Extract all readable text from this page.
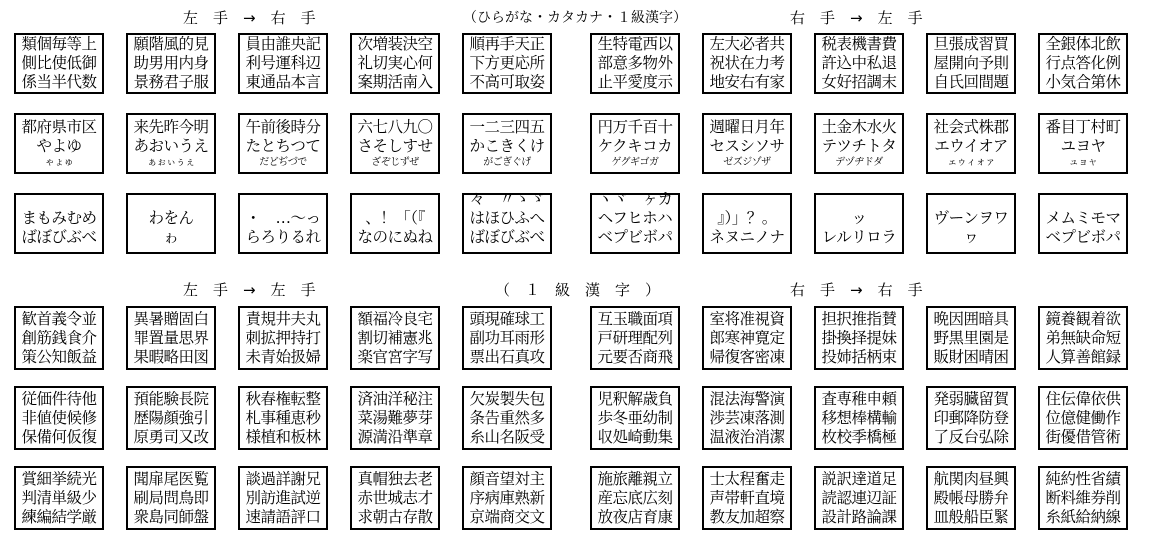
左　手　→　右　手	（ひらがな・カタカナ・１級漢字）	右　手　→　左　手
左　手　→　左　手	（　１　級　漢　字　）	右　手　→　右　手
類個毎等上
側比使低御
係当半代数
願階風的見
助男用内身
景務君子服
員由誰央記
利号運科辺
東通品本言
次増装決空
礼切実心何
案期活南入
順再手天正
下方更応所
不高可取姿
生特電西以
部意多物外
止平愛度示
左大必者共
祝状在力考
地安右有家
税表機書費
許込中私退
女好招調末
旦張成習買
屋開向予則
自氏回間題
全銀体北飲
行点答化例
小気合第休
都府県市区
やよゆ
ゃょゅ
来先昨今明
あおいうえ
ぁぉぃぅぇ
午前後時分
たとちつて
だどぢづで
六七八九〇
さそしすせ
ざぞじずぜ
一二三四五
かこきくけ
がごぎぐげ
円万千百十
ケクキコカ
ゲグギゴガ
週曜日月年
セスシソサ
ゼズジゾザ
土金木水火
テツチトタ
デヅヂドダ
社会式株郡
エウイオア
ェゥィォァ
番目丁村町
ユヨヤ
ュョャ
まもみむめ
ばぼびぶべ
わをん
ゎ
・　…～っ
らろりるれ
、！「（『
なのにぬね
々　〃ゝゞ
はほひふへ
ばぼびぶべ
ヽヾ　ヶカ
ヘフヒホハ
ベプビボパ
』）」？。
ネヌニノナ
ッ
レルリロラ
ヴーンヲワ
ヮ
メムミモマ
ベプビボパ
歓首義令並
創筋銭食介
策公知飯益
異暑贈固白
罪置量思界
果暇略田図
責規井夫丸
刺拡押持打
未青始扱婦
額福冷良宅
割切補憲兆
楽官宮字写
頭現確球工
副功耳雨形
票出石真攻
互玉職面項
戸研理配列
元要否商飛
室将准視資
郎寒神寛定
帰復客密凍
担択推指賛
掛換择提妹
投姉括柄束
晩因囲暗具
野黒里園是
販財困晴困
鏡養観着欲
弟無缺命短
人算善館録
従価件待他
非値使候修
保備何仮復
預能験長院
歴陽顔強引
原勇司又改
秋春権転整
札事種恵秒
様植和板林
済油洋秘注
菜湯難夢芽
源満沿準章
欠炭製失包
条告重然多
糸山名阪受
児釈解歳負
歩冬亜幼制
収処崎動集
混法海警演
渉芸凍落測
温液治消潔
査専稚申頼
移想棒構輸
枚校季橋極
発弱臓留賀
印郵降防登
了反台弘除
住伝偉依供
位億健働作
街優借管術
賞細挙続光
判清単級少
練編結学厳
聞扉尾医覧
刷局問鳥即
衆島同師盤
談過詳謝兄
別訪進試逆
速請語評口
真帽独去老
赤世城志才
求朝古存散
顔音望対主
序病庫熟新
京端商交文
施旅離親立
産忘底広刻
放夜店育康
士太程奮走
声帯軒直境
教友加超察
説訳達道足
読認連辺証
設計路論課
航関肉昼興
殿帳母勝弁
皿般船臣緊
純約性省績
断料維券削
糸紙給納線
